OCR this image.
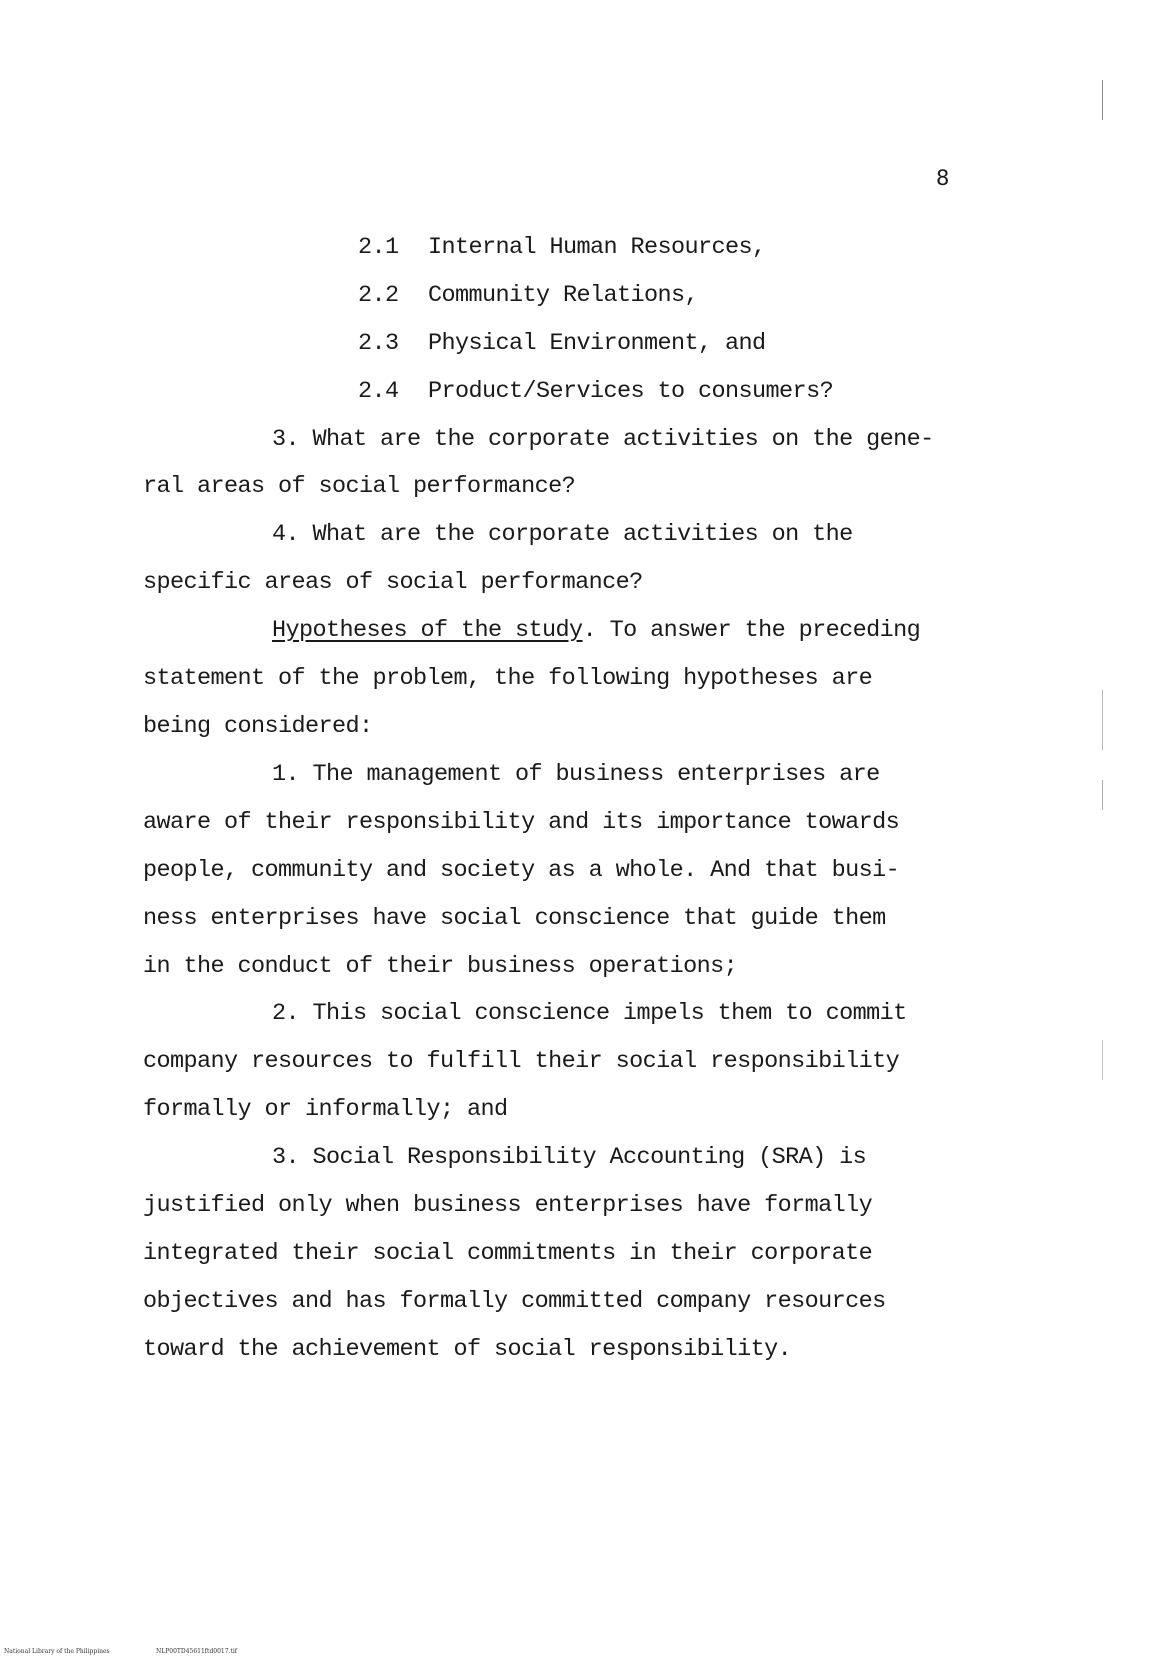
8
2.1 Internal Human Resources,
2.2 Community Relations,
2.3 Physical Environment, and
2.4 Product/Services to consumers?
3. What are the corporate activities on the gene-
ral areas of social performance?
4. What are the corporate activities on the
specific areas of social performance?
Hypotheses of the study. To answer the preceding
statement of the problem, the following hypotheses are
being considered:
1. The management of business enterprises are
aware of their responsibility and its importance towards
people, community and society as a whole. And that busi-
ness enterprises have social conscience that guide them
in the conduct of their business operations;
2. This social conscience impels them to commit
company resources to fulfill their social responsibility
formally or informally; and
3. Social Responsibility Accounting (SRA) is
justified only when business enterprises have formally
integrated their social commitments in their corporate
objectives and has formally committed company resources
toward the achievement of social responsibility.
National Library of the Philippines	NLP00TD45611ftd0017.tif
